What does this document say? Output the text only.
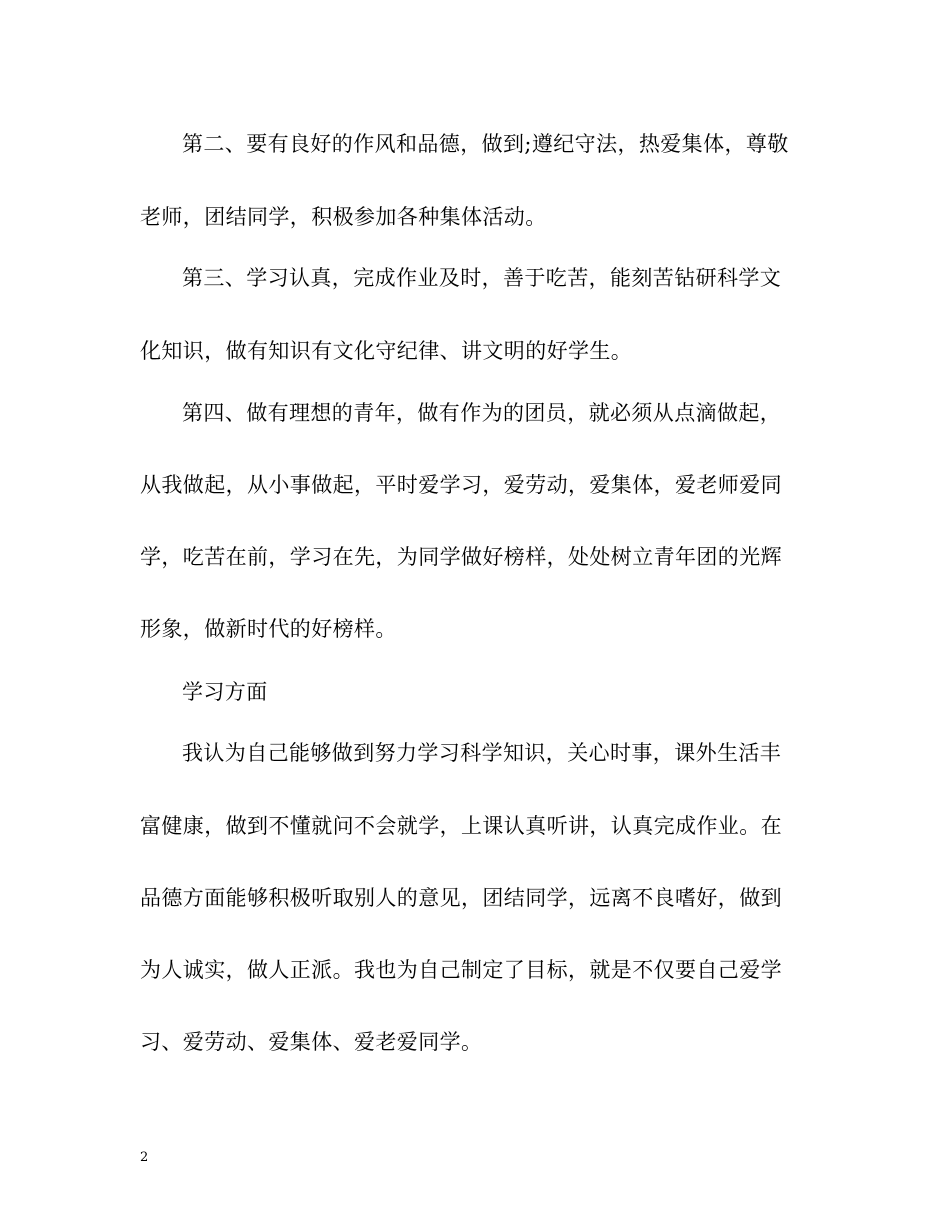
第二、要有良好的作风和品德，做到;遵纪守法，热爱集体，尊敬
老师，团结同学，积极参加各种集体活动。
第三、学习认真，完成作业及时，善于吃苦，能刻苦钻研科学文
化知识，做有知识有文化守纪律、讲文明的好学生。
第四、做有理想的青年，做有作为的团员，就必须从点滴做起，
从我做起，从小事做起，平时爱学习，爱劳动，爱集体，爱老师爱同
学，吃苦在前，学习在先，为同学做好榜样，处处树立青年团的光辉
形象，做新时代的好榜样。
学习方面
我认为自己能够做到努力学习科学知识，关心时事，课外生活丰
富健康，做到不懂就问不会就学，上课认真听讲，认真完成作业。在
品德方面能够积极听取别人的意见，团结同学，远离不良嗜好，做到
为人诚实，做人正派。我也为自己制定了目标，就是不仅要自己爱学
习、爱劳动、爱集体、爱老爱同学。
2
